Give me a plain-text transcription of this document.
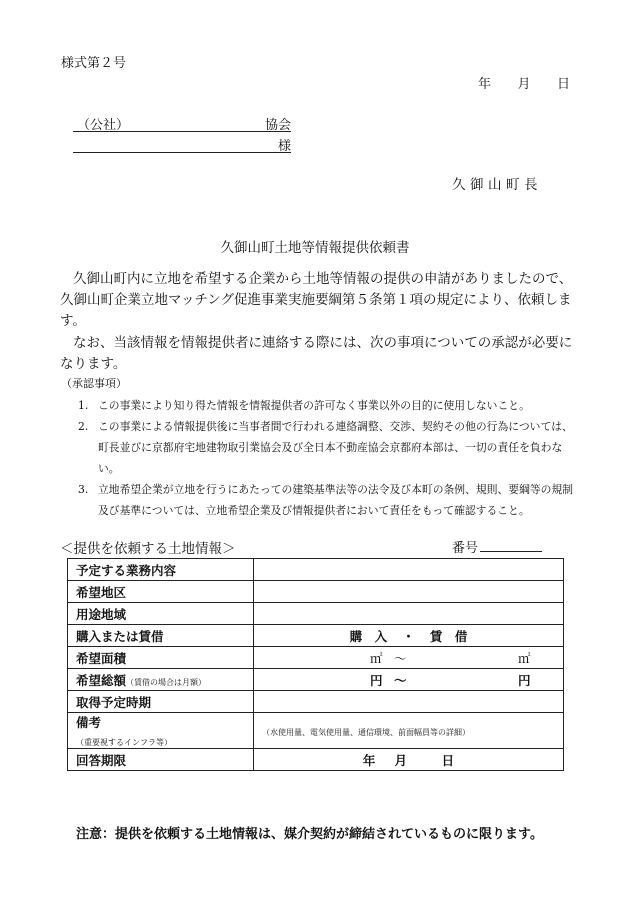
様式第２号
年 月 日
（公社）	協会
様
久御山町長
久御山町土地等情報提供依頼書
久御山町内に立地を希望する企業から土地等情報の提供の申請がありましたので、久御山町企業立地マッチング促進事業実施要綱第５条第１項の規定により、依頼します。
なお、当該情報を情報提供者に連絡する際には、次の事項についての承認が必要になります。
（承認事項）
1. この事業により知り得た情報を情報提供者の許可なく事業以外の目的に使用しないこと。
2. この事業による情報提供後に当事者間で行われる連絡調整、交渉、契約その他の行為については、町長並びに京都府宅地建物取引業協会及び全日本不動産協会京都府本部は、一切の責任を負わない。
3. 立地希望企業が立地を行うにあたっての建築基準法等の法令及び本町の条例、規則、要綱等の規制及び基準については、立地希望企業及び情報提供者において責任をもって確認すること。
＜提供を依頼する土地情報＞	番号
予定する業務内容	
希望地区	
用途地域	
購入または賃借	購　入 ・ 賃　借
希望面積	㎡ ～ ㎡

希望総額（賃借の場合は月額）	円 ～ 円

取得予定時期	
備考
（重要視するインフラ等）	（水使用量、電気使用量、通信環境、前面幅員等の詳細）

回答期限	年 月 日
注意：提供を依頼する土地情報は、媒介契約が締結されているものに限ります。
